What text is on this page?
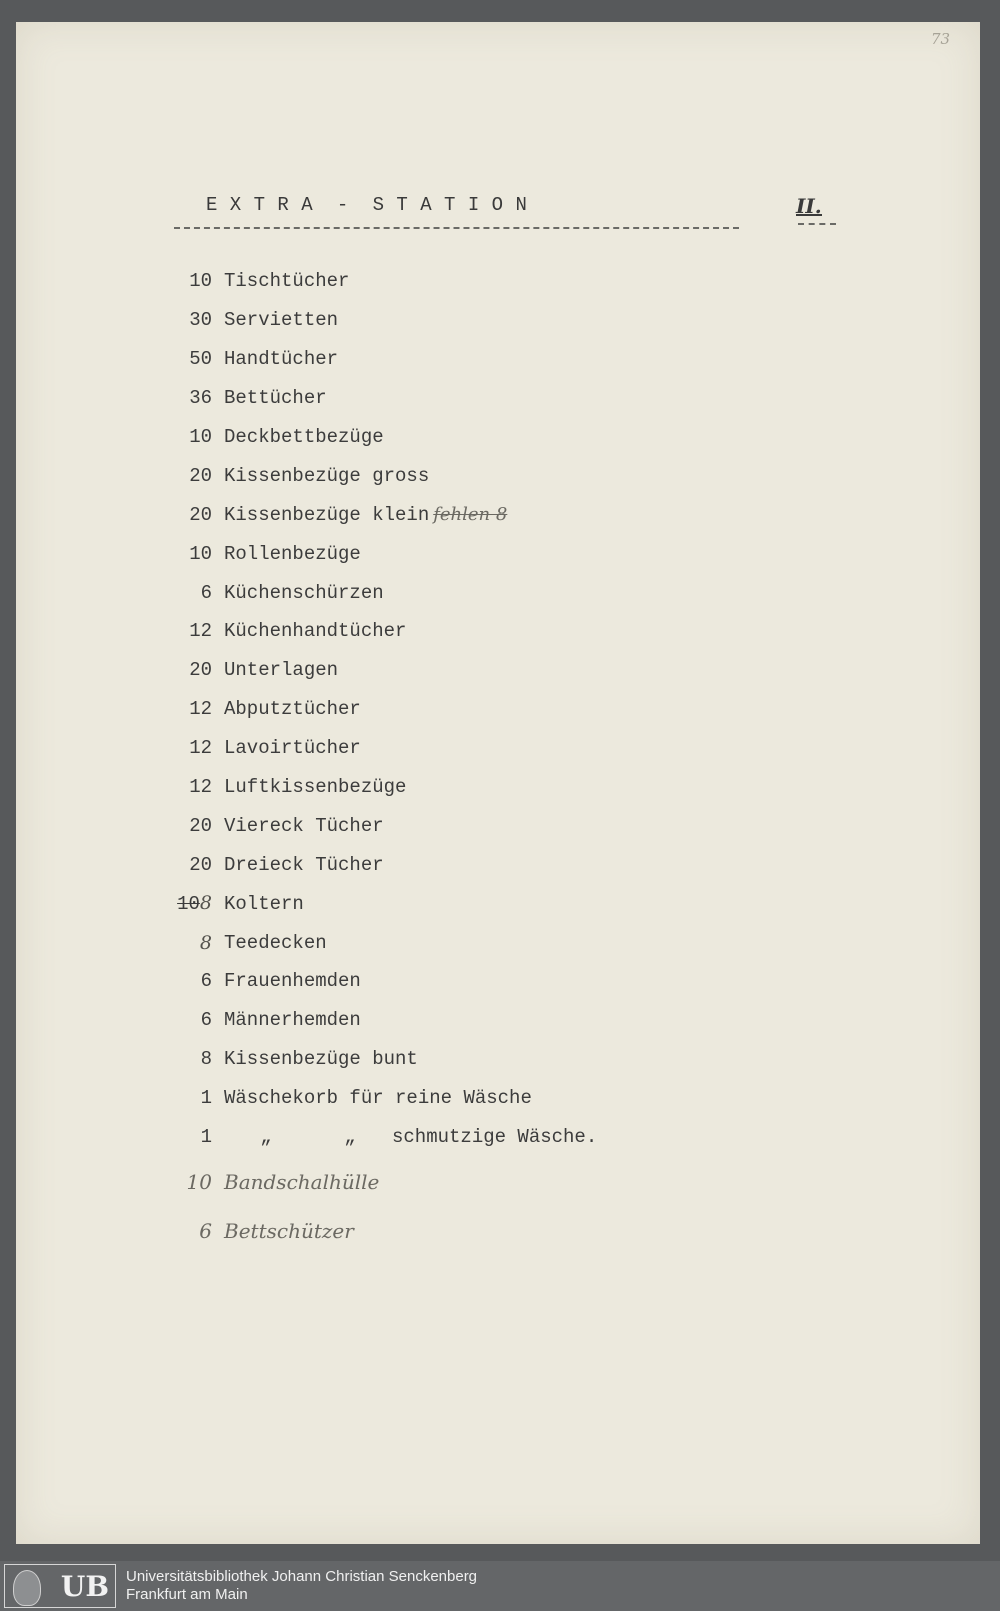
73
E X T R A  -  S T A T I O N	II.
10 Tischtücher
30 Servietten
50 Handtücher
36 Bettücher
10 Deckbettbezüge
20 Kissenbezüge gross
20 Kissenbezüge klein fehlen 8
10 Rollenbezüge
6 Küchenschürzen
12 Küchenhandtücher
20 Unterlagen
12 Abputztücher
12 Lavoirtücher
12 Luftkissenbezüge
20 Viereck Tücher
20 Dreieck Tücher
108 Koltern
8 Teedecken
6 Frauenhemden
6 Männerhemden
8 Kissenbezüge bunt
1 Wäschekorb für reine Wäsche
1	„	„	schmutzige Wäsche.
10 Bandschalhülle
6 Bettschützer
UB Universitätsbibliothek Johann Christian Senckenberg
Frankfurt am Main
